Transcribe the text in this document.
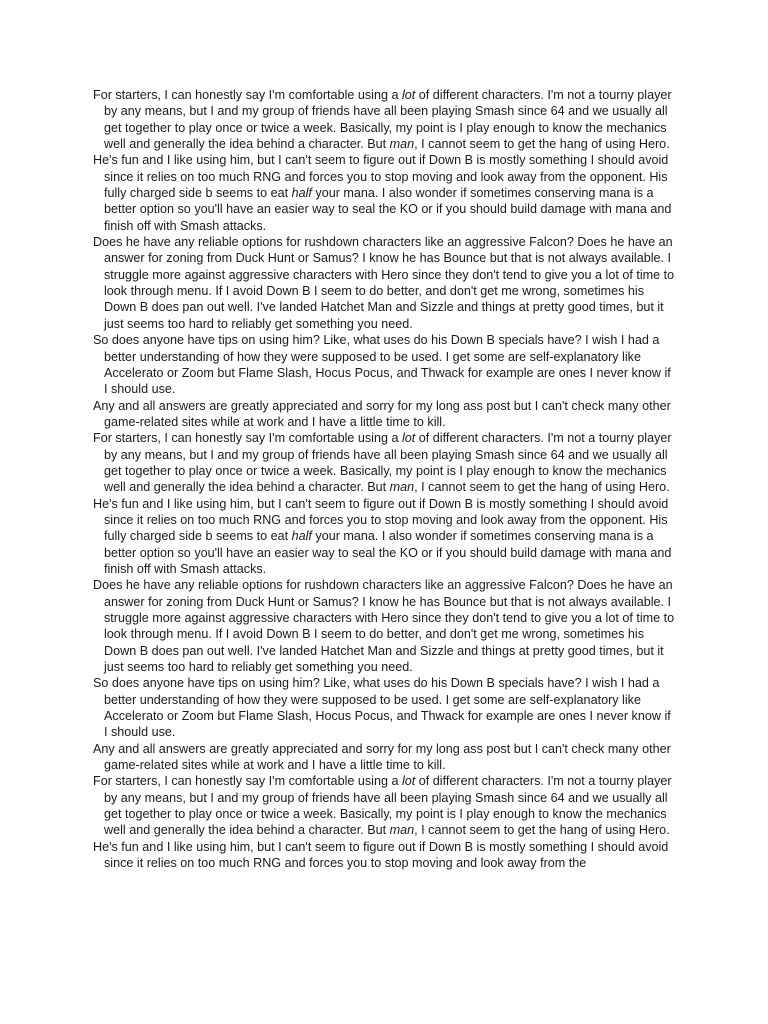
For starters, I can honestly say I'm comfortable using a lot of different characters. I'm not a tourny player by any means, but I and my group of friends have all been playing Smash since 64 and we usually all get together to play once or twice a week. Basically, my point is I play enough to know the mechanics well and generally the idea behind a character. But man, I cannot seem to get the hang of using Hero.

He's fun and I like using him, but I can't seem to figure out if Down B is mostly something I should avoid since it relies on too much RNG and forces you to stop moving and look away from the opponent. His fully charged side b seems to eat half your mana. I also wonder if sometimes conserving mana is a better option so you'll have an easier way to seal the KO or if you should build damage with mana and finish off with Smash attacks.

Does he have any reliable options for rushdown characters like an aggressive Falcon? Does he have an answer for zoning from Duck Hunt or Samus? I know he has Bounce but that is not always available. I struggle more against aggressive characters with Hero since they don't tend to give you a lot of time to look through menu. If I avoid Down B I seem to do better, and don't get me wrong, sometimes his Down B does pan out well. I've landed Hatchet Man and Sizzle and things at pretty good times, but it just seems too hard to reliably get something you need.

So does anyone have tips on using him? Like, what uses do his Down B specials have? I wish I had a better understanding of how they were supposed to be used. I get some are self-explanatory like Accelerato or Zoom but Flame Slash, Hocus Pocus, and Thwack for example are ones I never know if I should use.

Any and all answers are greatly appreciated and sorry for my long ass post but I can't check many other game-related sites while at work and I have a little time to kill.

For starters, I can honestly say I'm comfortable using a lot of different characters. I'm not a tourny player by any means, but I and my group of friends have all been playing Smash since 64 and we usually all get together to play once or twice a week. Basically, my point is I play enough to know the mechanics well and generally the idea behind a character. But man, I cannot seem to get the hang of using Hero.

He's fun and I like using him, but I can't seem to figure out if Down B is mostly something I should avoid since it relies on too much RNG and forces you to stop moving and look away from the opponent. His fully charged side b seems to eat half your mana. I also wonder if sometimes conserving mana is a better option so you'll have an easier way to seal the KO or if you should build damage with mana and finish off with Smash attacks.

Does he have any reliable options for rushdown characters like an aggressive Falcon? Does he have an answer for zoning from Duck Hunt or Samus? I know he has Bounce but that is not always available. I struggle more against aggressive characters with Hero since they don't tend to give you a lot of time to look through menu. If I avoid Down B I seem to do better, and don't get me wrong, sometimes his Down B does pan out well. I've landed Hatchet Man and Sizzle and things at pretty good times, but it just seems too hard to reliably get something you need.

So does anyone have tips on using him? Like, what uses do his Down B specials have? I wish I had a better understanding of how they were supposed to be used. I get some are self-explanatory like Accelerato or Zoom but Flame Slash, Hocus Pocus, and Thwack for example are ones I never know if I should use.

Any and all answers are greatly appreciated and sorry for my long ass post but I can't check many other game-related sites while at work and I have a little time to kill.

For starters, I can honestly say I'm comfortable using a lot of different characters. I'm not a tourny player by any means, but I and my group of friends have all been playing Smash since 64 and we usually all get together to play once or twice a week. Basically, my point is I play enough to know the mechanics well and generally the idea behind a character. But man, I cannot seem to get the hang of using Hero.

He's fun and I like using him, but I can't seem to figure out if Down B is mostly something I should avoid since it relies on too much RNG and forces you to stop moving and look away from the
